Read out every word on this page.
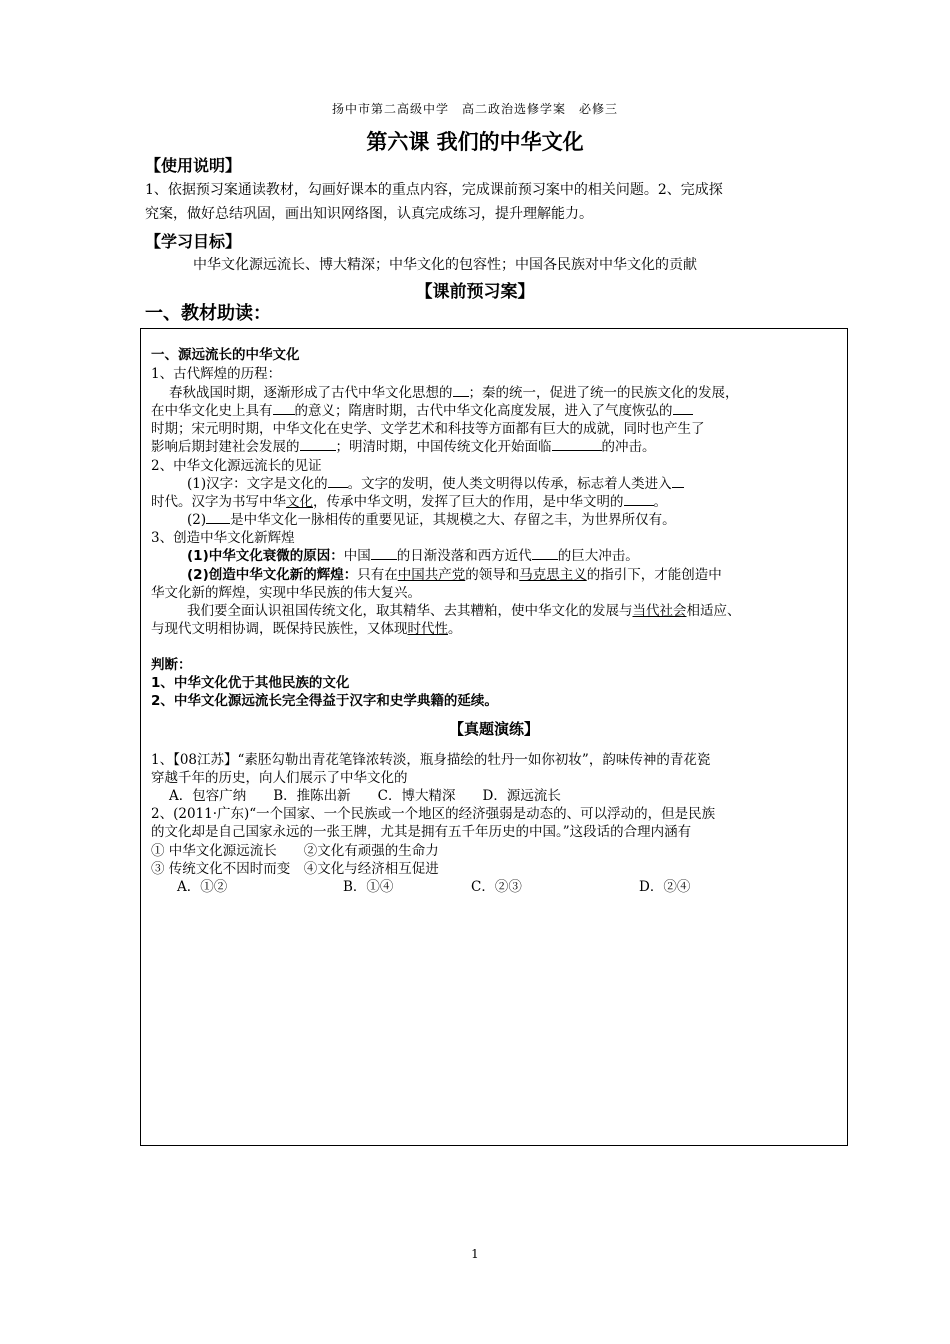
扬中市第二高级中学　高二政治选修学案　必修三
第六课 我们的中华文化
【使用说明】
1、依据预习案通读教材，勾画好课本的重点内容，完成课前预习案中的相关问题。2、完成探
究案，做好总结巩固，画出知识网络图，认真完成练习，提升理解能力。
【学习目标】
中华文化源远流长、博大精深；中华文化的包容性；中国各民族对中华文化的贡献
【课前预习案】
一、教材助读：
一、源远流长的中华文化
1、古代辉煌的历程：
春秋战国时期，逐渐形成了古代中华文化思想的 ；秦的统一，促进了统一的民族文化的发展，
在中华文化史上具有 的意义；隋唐时期，古代中华文化高度发展，进入了气度恢弘的
时期；宋元明时期，中华文化在史学、文学艺术和科技等方面都有巨大的成就，同时也产生了
影响后期封建社会发展的	；明清时期，中国传统文化开始面临	的冲击。
2、中华文化源远流长的见证
(1)汉字：文字是文化的 。文字的发明，使人类文明得以传承，标志着人类进入
时代。汉字为书写中华文化，传承中华文明，发挥了巨大的作用，是中华文明的 。
(2) 是中华文化一脉相传的重要见证，其规模之大、存留之丰，为世界所仅有。
3、创造中华文化新辉煌
(1)中华文化衰微的原因：中国 的日渐没落和西方近代 的巨大冲击。
(2)创造中华文化新的辉煌：只有在中国共产党的领导和马克思主义的指引下，才能创造中
华文化新的辉煌，实现中华民族的伟大复兴。
我们要全面认识祖国传统文化，取其精华、去其糟粕，使中华文化的发展与当代社会相适应、
与现代文明相协调，既保持民族性，又体现时代性。
判断：
1、中华文化优于其他民族的文化
2、中华文化源远流长完全得益于汉字和史学典籍的延续。
【真题演练】
1、【08江苏】“素胚勾勒出青花笔锋浓转淡，瓶身描绘的牡丹一如你初妆”，韵味传神的青花瓷
穿越千年的历史，向人们展示了中华文化的
A．包容广纳　　B．推陈出新　　C．博大精深　　D．源远流长
2、(2011·广东)“一个国家、一个民族或一个地区的经济强弱是动态的、可以浮动的，但是民族
的文化却是自己国家永远的一张王牌，尤其是拥有五千年历史的中国。”这段话的合理内涵有
① 中华文化源远流长　　②文化有顽强的生命力
③ 传统文化不因时而变　④文化与经济相互促进
A．①②	B．①④	C．②③	D．②④
1
